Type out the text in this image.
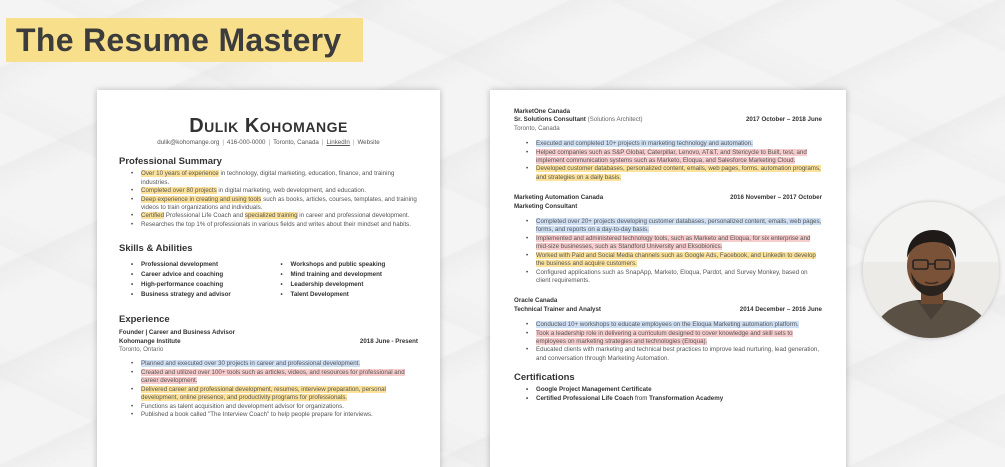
The Resume Mastery
Dulik Kohomange
dulik@kohomange.org | 416-000-0000 | Toronto, Canada | LinkedIn | Website
Professional Summary
• Over 10 years of experience in technology, digital marketing, education, finance, and training industries.
• Completed over 80 projects in digital marketing, web development, and education.
• Deep experience in creating and using tools such as books, articles, courses, templates, and training videos to train organizations and individuals.
• Certified Professional Life Coach and specialized training in career and professional development.
• Researches the top 1% of professionals in various fields and writes about their mindset and habits.
Skills & Abilities
• Professional development
• Career advice and coaching
• High-performance coaching
• Business strategy and advisor
• Workshops and public speaking
• Mind training and development
• Leadership development
• Talent Development
Experience
Founder | Career and Business Advisor
Kohomange Institute	2018 June - Present
Toronto, Ontario
• Planned and executed over 30 projects in career and professional development.
• Created and utilized over 100+ tools such as articles, videos, and resources for professional and career development.
• Delivered career and professional development, resumes, interview preparation, personal development, online presence, and productivity programs for professionals.
• Functions as talent acquisition and development advisor for organizations.
• Published a book called "The Interview Coach" to help people prepare for interviews.
MarketOne Canada
Sr. Solutions Consultant (Solutions Architect)	2017 October – 2018 June
Toronto, Canada
• Executed and completed 10+ projects in marketing technology and automation.
• Helped companies such as S&P Global, Caterpillar, Lenovo, AT&T, and Stericycle to Built, test, and implement communication systems such as Marketo, Eloqua, and Salesforce Marketing Cloud.
• Developed customer databases, personalized content, emails, web pages, forms, automation programs, and strategies on a daily basis.
Marketing Automation Canada	2016 November – 2017 October
Marketing Consultant
• Completed over 20+ projects developing customer databases, personalized content, emails, web pages, forms, and reports on a day-to-day basis.
• Implemented and administered technology tools, such as Marketo and Eloqua, for six enterprise and mid-size businesses, such as Standford University and Eksobionics.
• Worked with Paid and Social Media channels such as Google Ads, Facebook, and Linkedin to develop the business and acquire customers.
• Configured applications such as SnapApp, Marketo, Eloqua, Pardot, and Survey Monkey, based on client requirements.
Oracle Canada
Technical Trainer and Analyst	2014 December – 2016 June
• Conducted 10+ workshops to educate employees on the Eloqua Marketing automation platform.
• Took a leadership role in delivering a curriculum designed to cover knowledge and skill sets to employees on marketing strategies and technologies (Eloqua).
• Educated clients with marketing and technical best practices to improve lead nurturing, lead generation, and conversation through Marketing Automation.
Certifications
• Google Project Management Certificate
• Certified Professional Life Coach from Transformation Academy
